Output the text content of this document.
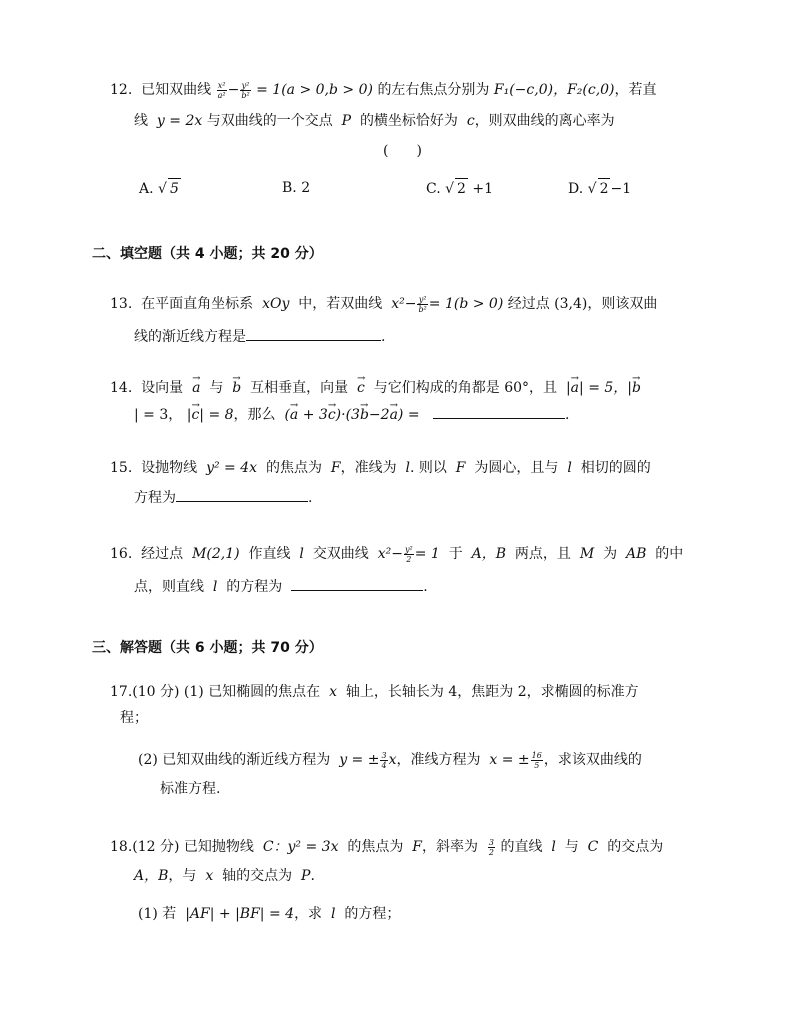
12. 已知双曲线 $\frac{\text{x²}}{\text{a²}} - \frac{\text{y²}}{\text{b²}} = 1(a > 0,b > 0)$ 的左右焦点分别为 F₁(−c,0)，F₂(c,0)，若直
线 y = 2x 与双曲线的一个交点 P 的横坐标恰好为 c，则双曲线的离心率为
(　　)
A. √ 5	B. 2	C. √ 2 +1	D. √ 2 −1
二、填空题（共 4 小题；共 20 分）
13. 在平面直角坐标系 xOy 中，若双曲线 $x^2- \frac{\text{y²}}{\text{b²}} = 1(b > 0)$ 经过点 (3,4)，则该双曲
线的渐近线方程是	.
14. 设向量 → a 与 → b 互相垂直，向量 → c 与它们构成的角都是 60°，且 |→ a| = 5，|→ b
| = 3， |→ c| = 8，那么 (→ a + 3→ c)·(3→ b−2→ a) =	.
15. 设抛物线 y² = 4x 的焦点为 F，准线为 l. 则以 F 为圆心，且与 l 相切的圆的
方程为	.
16. 经过点 M(2,1) 作直线 l 交双曲线 $x^2- \frac{\text{y²}}{2} = 1$ 于 A，B 两点，且 M 为 AB 的中
点，则直线 l 的方程为	.
三、解答题（共 6 小题；共 70 分）
17.(10 分) (1) 已知椭圆的焦点在 x 轴上，长轴长为 4，焦距为 2，求椭圆的标准方
程；
(2) 已知双曲线的渐近线方程为 y = ± $\frac{3}{4}$ x，准线方程为 x = ± $\frac{16}{5}$ ，求该双曲线的
标准方程.
18.(12 分) 已知抛物线 C：y² = 3x 的焦点为 F，斜率为 $\frac{3}{2}$ 的直线 l 与 C 的交点为
A，B，与 x 轴的交点为 P.
(1) 若 |AF| + |BF| = 4，求 l 的方程；
